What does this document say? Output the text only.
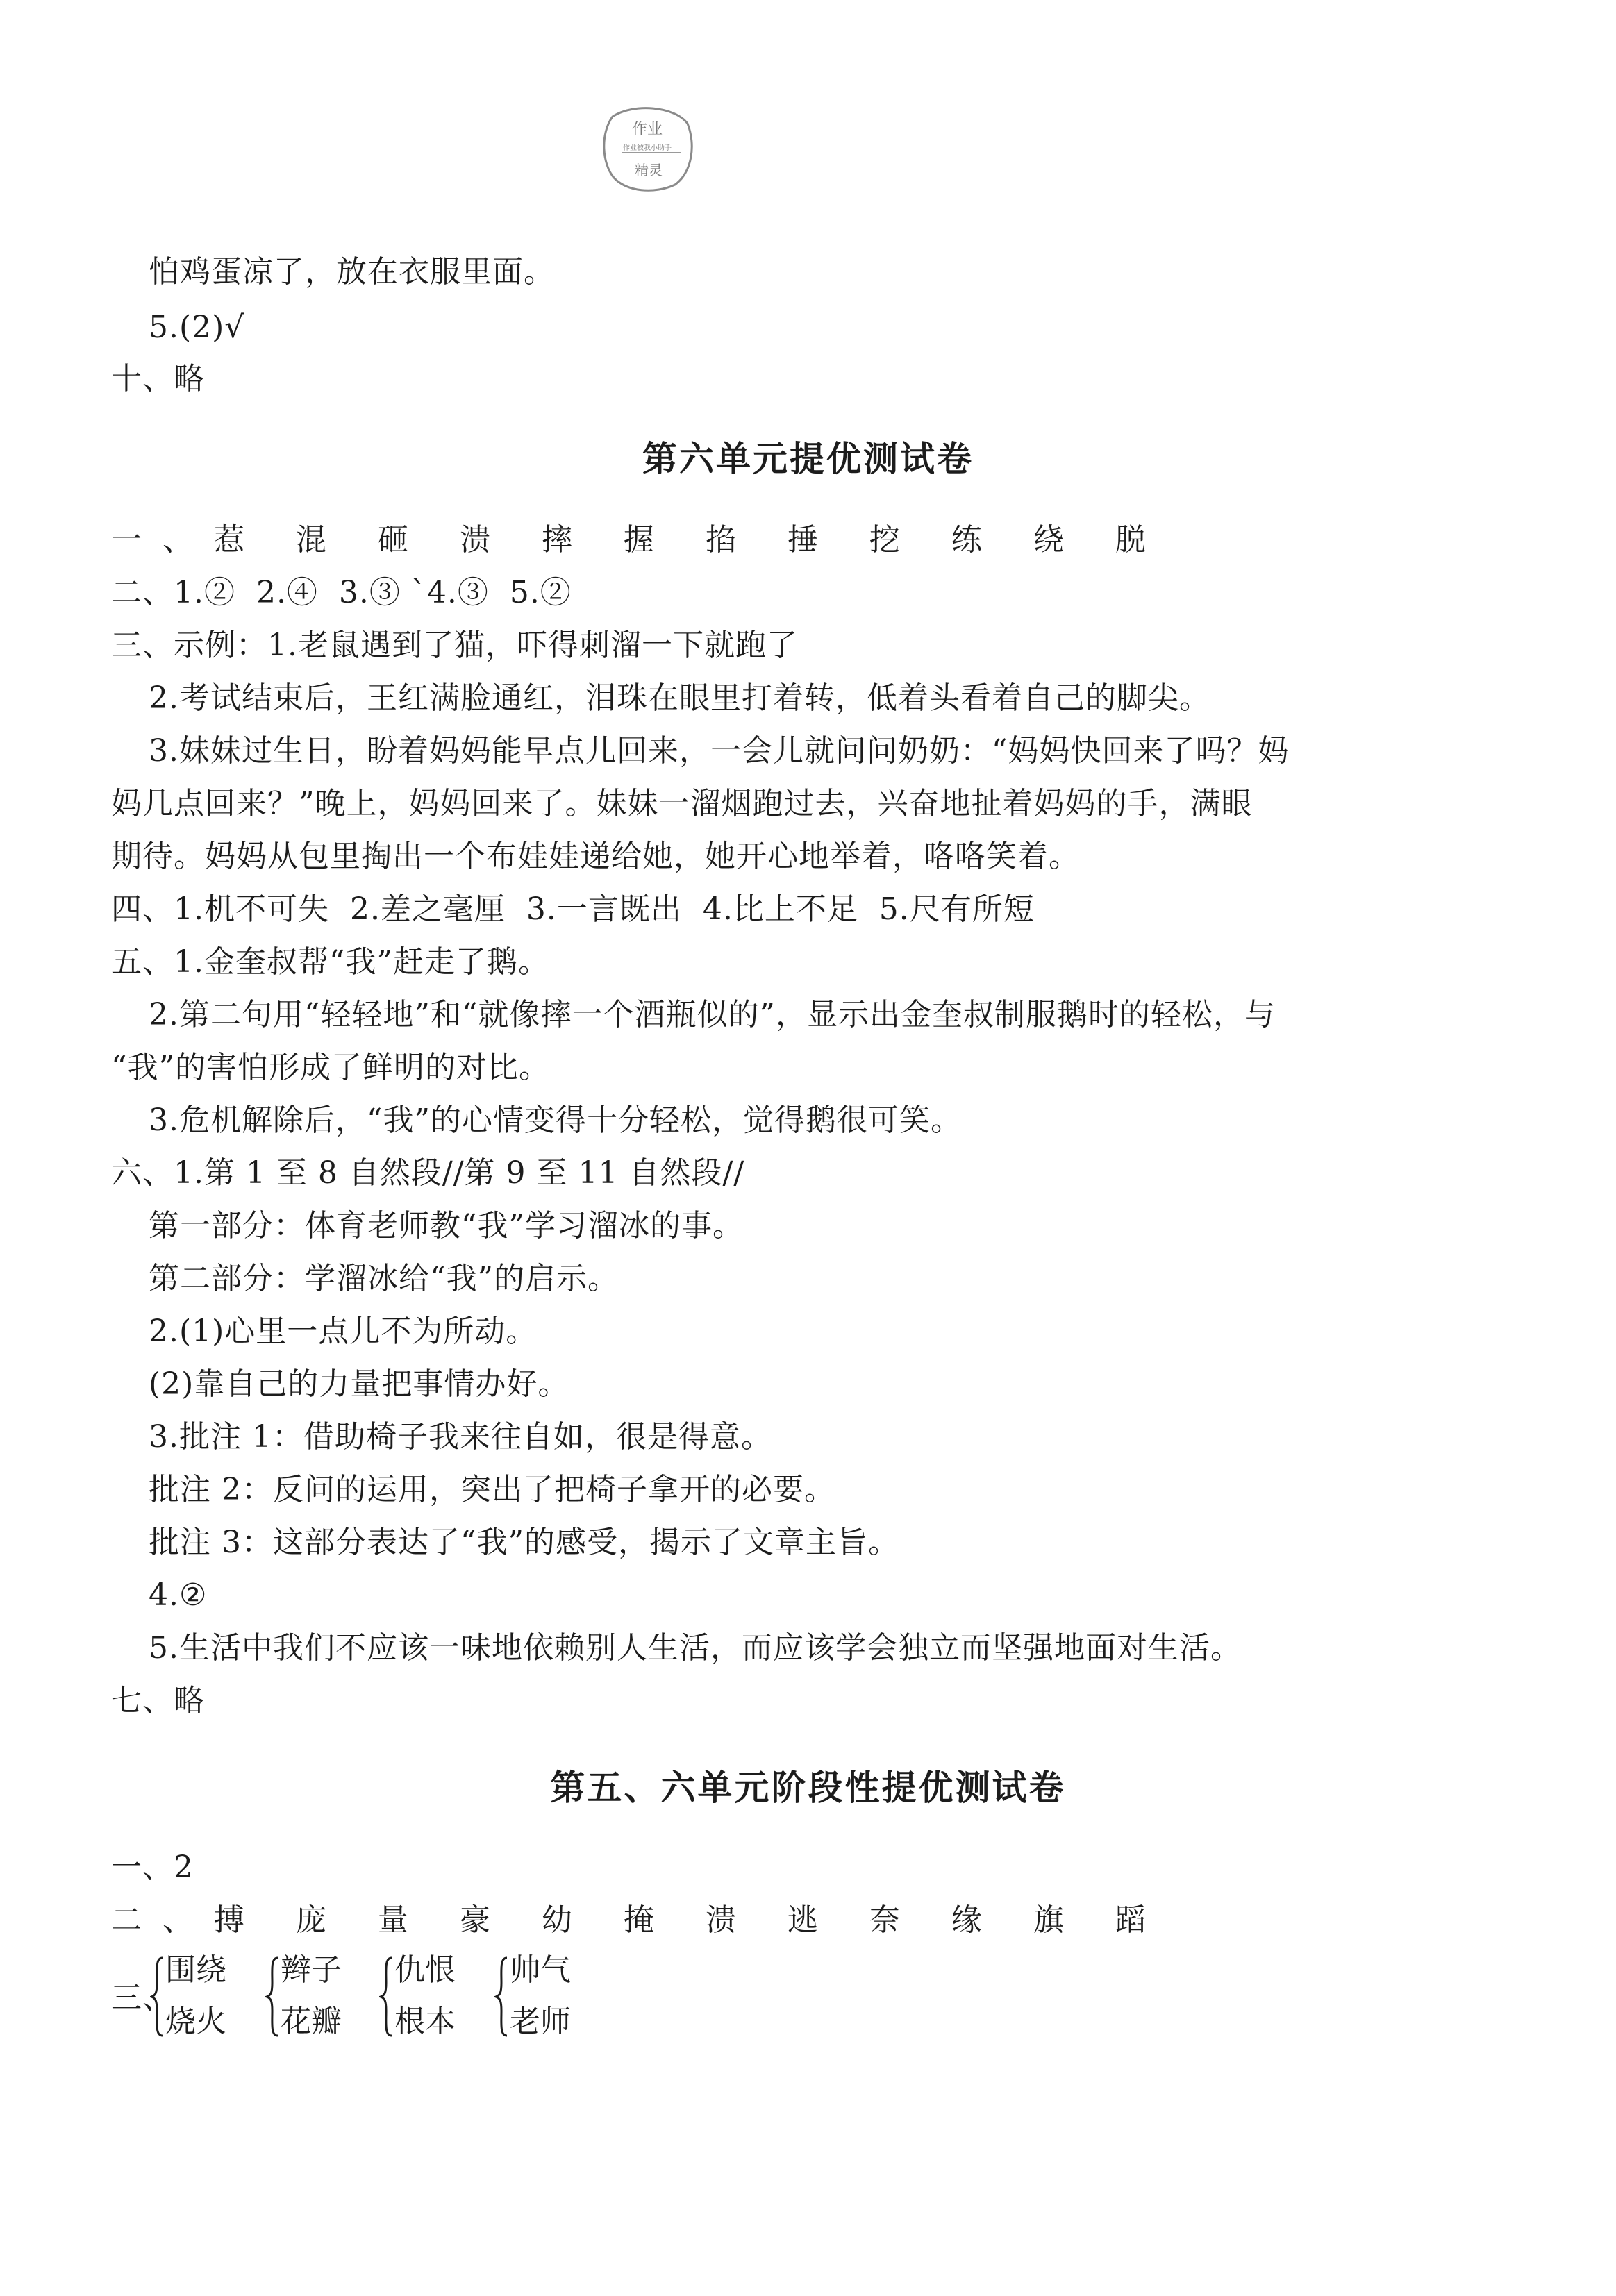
作业
作业被我小助手
精灵
怕鸡蛋凉了，放在衣服里面。
5.(2)√
十、略
第六单元提优测试卷
一、惹 混 砸 溃 摔 握 掐 捶 挖 练 绕 脱
二、1.②  2.④  3.③ ˋ4.③  5.②
三、示例：1.老鼠遇到了猫，吓得刺溜一下就跑了
2.考试结束后，王红满脸通红，泪珠在眼里打着转，低着头看着自己的脚尖。
3.妹妹过生日，盼着妈妈能早点儿回来，一会儿就问问奶奶：“妈妈快回来了吗？妈
妈几点回来？”晚上，妈妈回来了。妹妹一溜烟跑过去，兴奋地扯着妈妈的手，满眼
期待。妈妈从包里掏出一个布娃娃递给她，她开心地举着，咯咯笑着。
四、1.机不可失  2.差之毫厘  3.一言既出  4.比上不足  5.尺有所短
五、1.金奎叔帮“我”赶走了鹅。
2.第二句用“轻轻地”和“就像摔一个酒瓶似的”，显示出金奎叔制服鹅时的轻松，与
“我”的害怕形成了鲜明的对比。
3.危机解除后，“我”的心情变得十分轻松，觉得鹅很可笑。
六、1.第 1 至 8 自然段//第 9 至 11 自然段//
第一部分：体育老师教“我”学习溜冰的事。
第二部分：学溜冰给“我”的启示。
2.(1)心里一点儿不为所动。
(2)靠自己的力量把事情办好。
3.批注 1：借助椅子我来往自如，很是得意。
批注 2：反问的运用，突出了把椅子拿开的必要。
批注 3：这部分表达了“我”的感受，揭示了文章主旨。
4.②
5.生活中我们不应该一味地依赖别人生活，而应该学会独立而坚强地面对生活。
七、略
第五、六单元阶段性提优测试卷
一、2
二、搏 庞 量 豪 幼 掩 溃 逃 奈 缘 旗 蹈
三、
围绕
烧火
辫子
花瓣
仇恨
根本
帅气
老师
